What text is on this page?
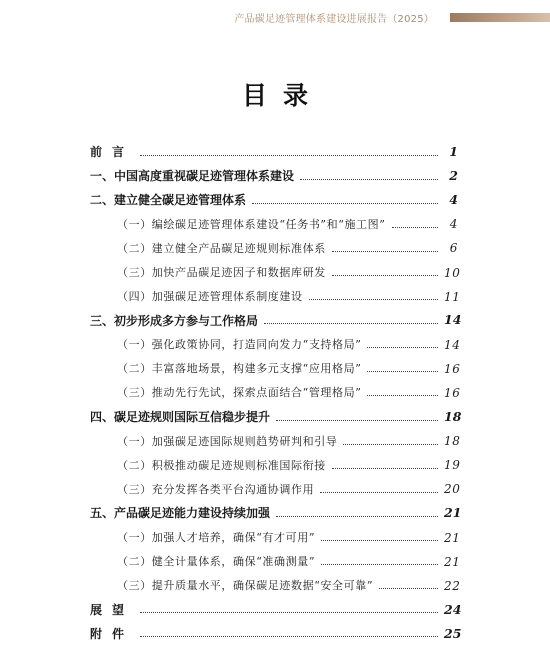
产品碳足迹管理体系建设进展报告（2025）
目录
前言	1
一、中国高度重视碳足迹管理体系建设	2
二、建立健全碳足迹管理体系	4
（一）编绘碳足迹管理体系建设“任务书”和“施工图”	4
（二）建立健全产品碳足迹规则标准体系	6
（三）加快产品碳足迹因子和数据库研发	10
（四）加强碳足迹管理体系制度建设	11
三、初步形成多方参与工作格局	14
（一）强化政策协同，打造同向发力“支持格局”	14
（二）丰富落地场景，构建多元支撑“应用格局”	16
（三）推动先行先试，探索点面结合“管理格局”	16
四、碳足迹规则国际互信稳步提升	18
（一）加强碳足迹国际规则趋势研判和引导	18
（二）积极推动碳足迹规则标准国际衔接	19
（三）充分发挥各类平台沟通协调作用	20
五、产品碳足迹能力建设持续加强	21
（一）加强人才培养，确保“有才可用”	21
（二）健全计量体系，确保“准确测量”	21
（三）提升质量水平，确保碳足迹数据“安全可靠”	22
展望	24
附件	25
